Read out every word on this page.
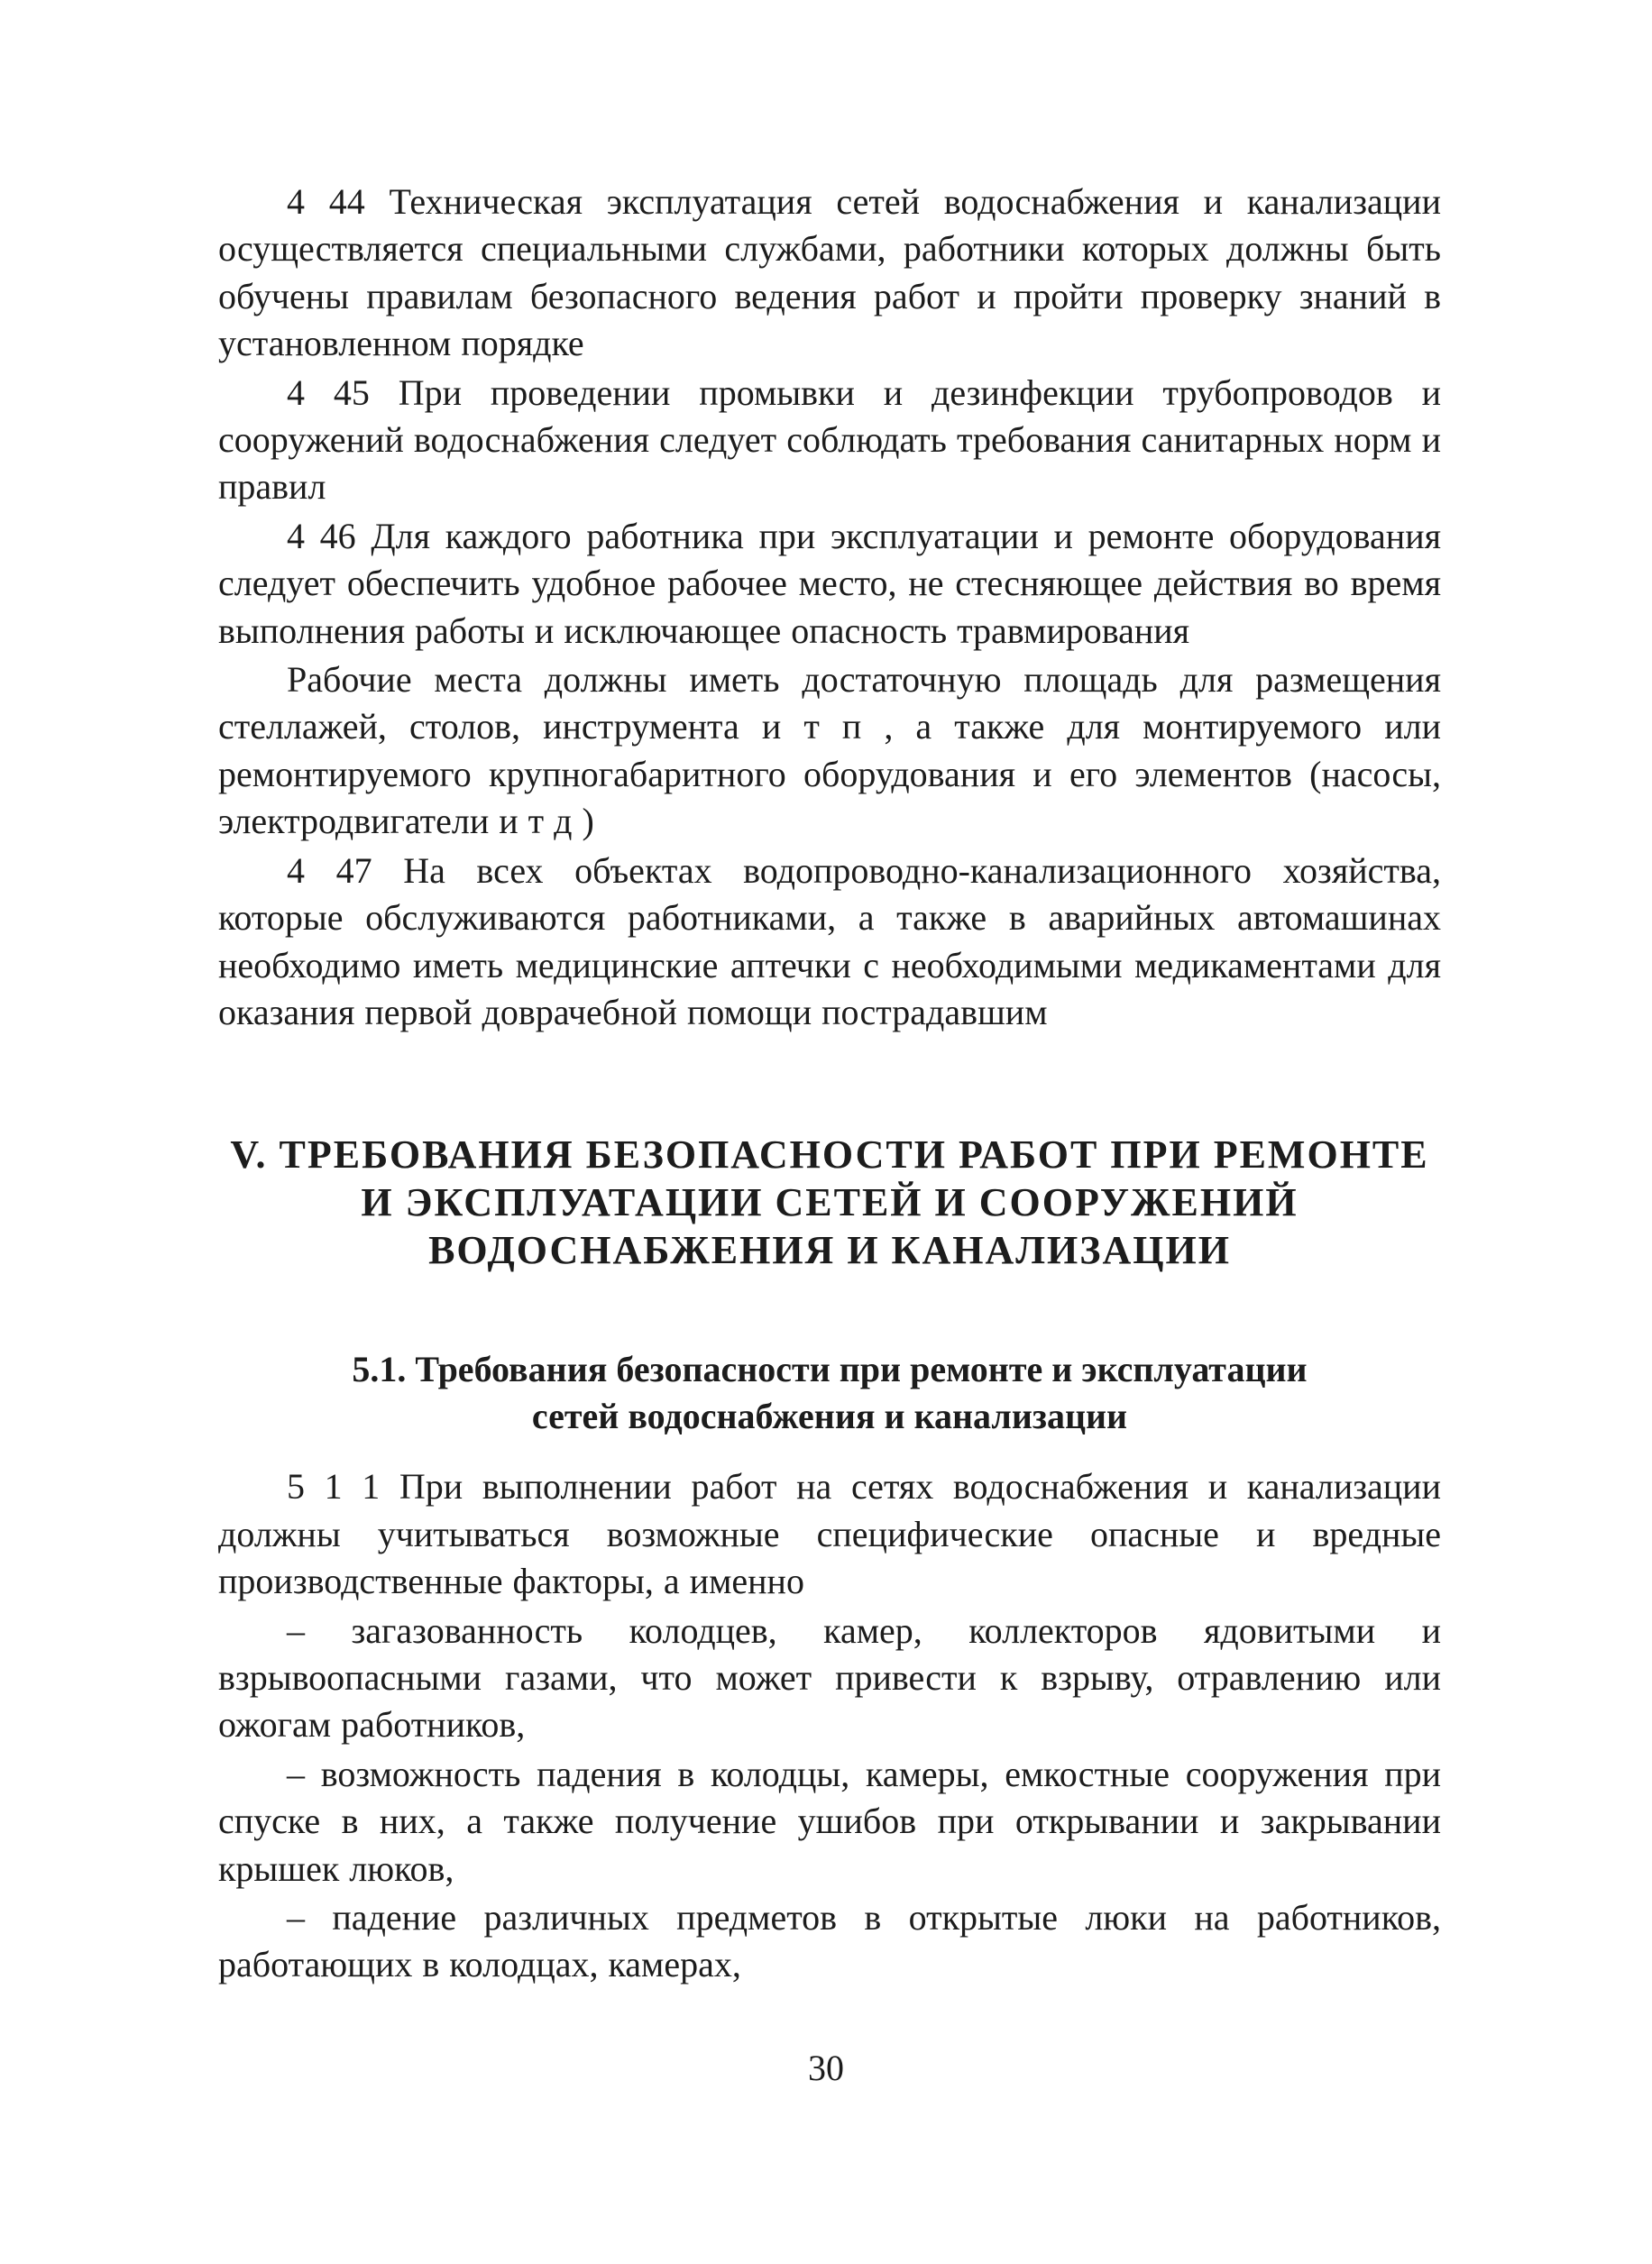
4 44 Техническая эксплуатация сетей водоснабжения и канализации осуществляется специальными службами, работники которых должны быть обучены правилам безопасного ведения работ и пройти проверку знаний в установленном порядке

4 45 При проведении промывки и дезинфекции трубопроводов и сооружений водоснабжения следует соблюдать требования санитарных норм и правил

4 46 Для каждого работника при эксплуатации и ремонте оборудования следует обеспечить удобное рабочее место, не стесняющее действия во время выполнения работы и исключающее опасность травмирования

Рабочие места должны иметь достаточную площадь для размещения стеллажей, столов, инструмента и т п , а также для монтируемого или ремонтируемого крупногабаритного оборудования и его элементов (насосы, электродвигатели и т д )

4 47 На всех объектах водопроводно-канализационного хозяйства, которые обслуживаются работниками, а также в аварийных автомашинах необходимо иметь медицинские аптечки с необходимыми медикаментами для оказания первой доврачебной помощи пострадавшим

V. ТРЕБОВАНИЯ БЕЗОПАСНОСТИ РАБОТ ПРИ РЕМОНТЕ
И ЭКСПЛУАТАЦИИ СЕТЕЙ И СООРУЖЕНИЙ
ВОДОСНАБЖЕНИЯ И КАНАЛИЗАЦИИ
5.1. Требования безопасности при ремонте и эксплуатации
сетей водоснабжения и канализации

5 1 1 При выполнении работ на сетях водоснабжения и канализации должны учитываться возможные специфические опасные и вредные производственные факторы, а именно

– загазованность колодцев, камер, коллекторов ядовитыми и взрывоопасными газами, что может привести к взрыву, отравлению или ожогам работников,

– возможность падения в колодцы, камеры, емкостные сооружения при спуске в них, а также получение ушибов при открывании и закрывании крышек люков,

– падение различных предметов в открытые люки на работников, работающих в колодцах, камерах,

30
